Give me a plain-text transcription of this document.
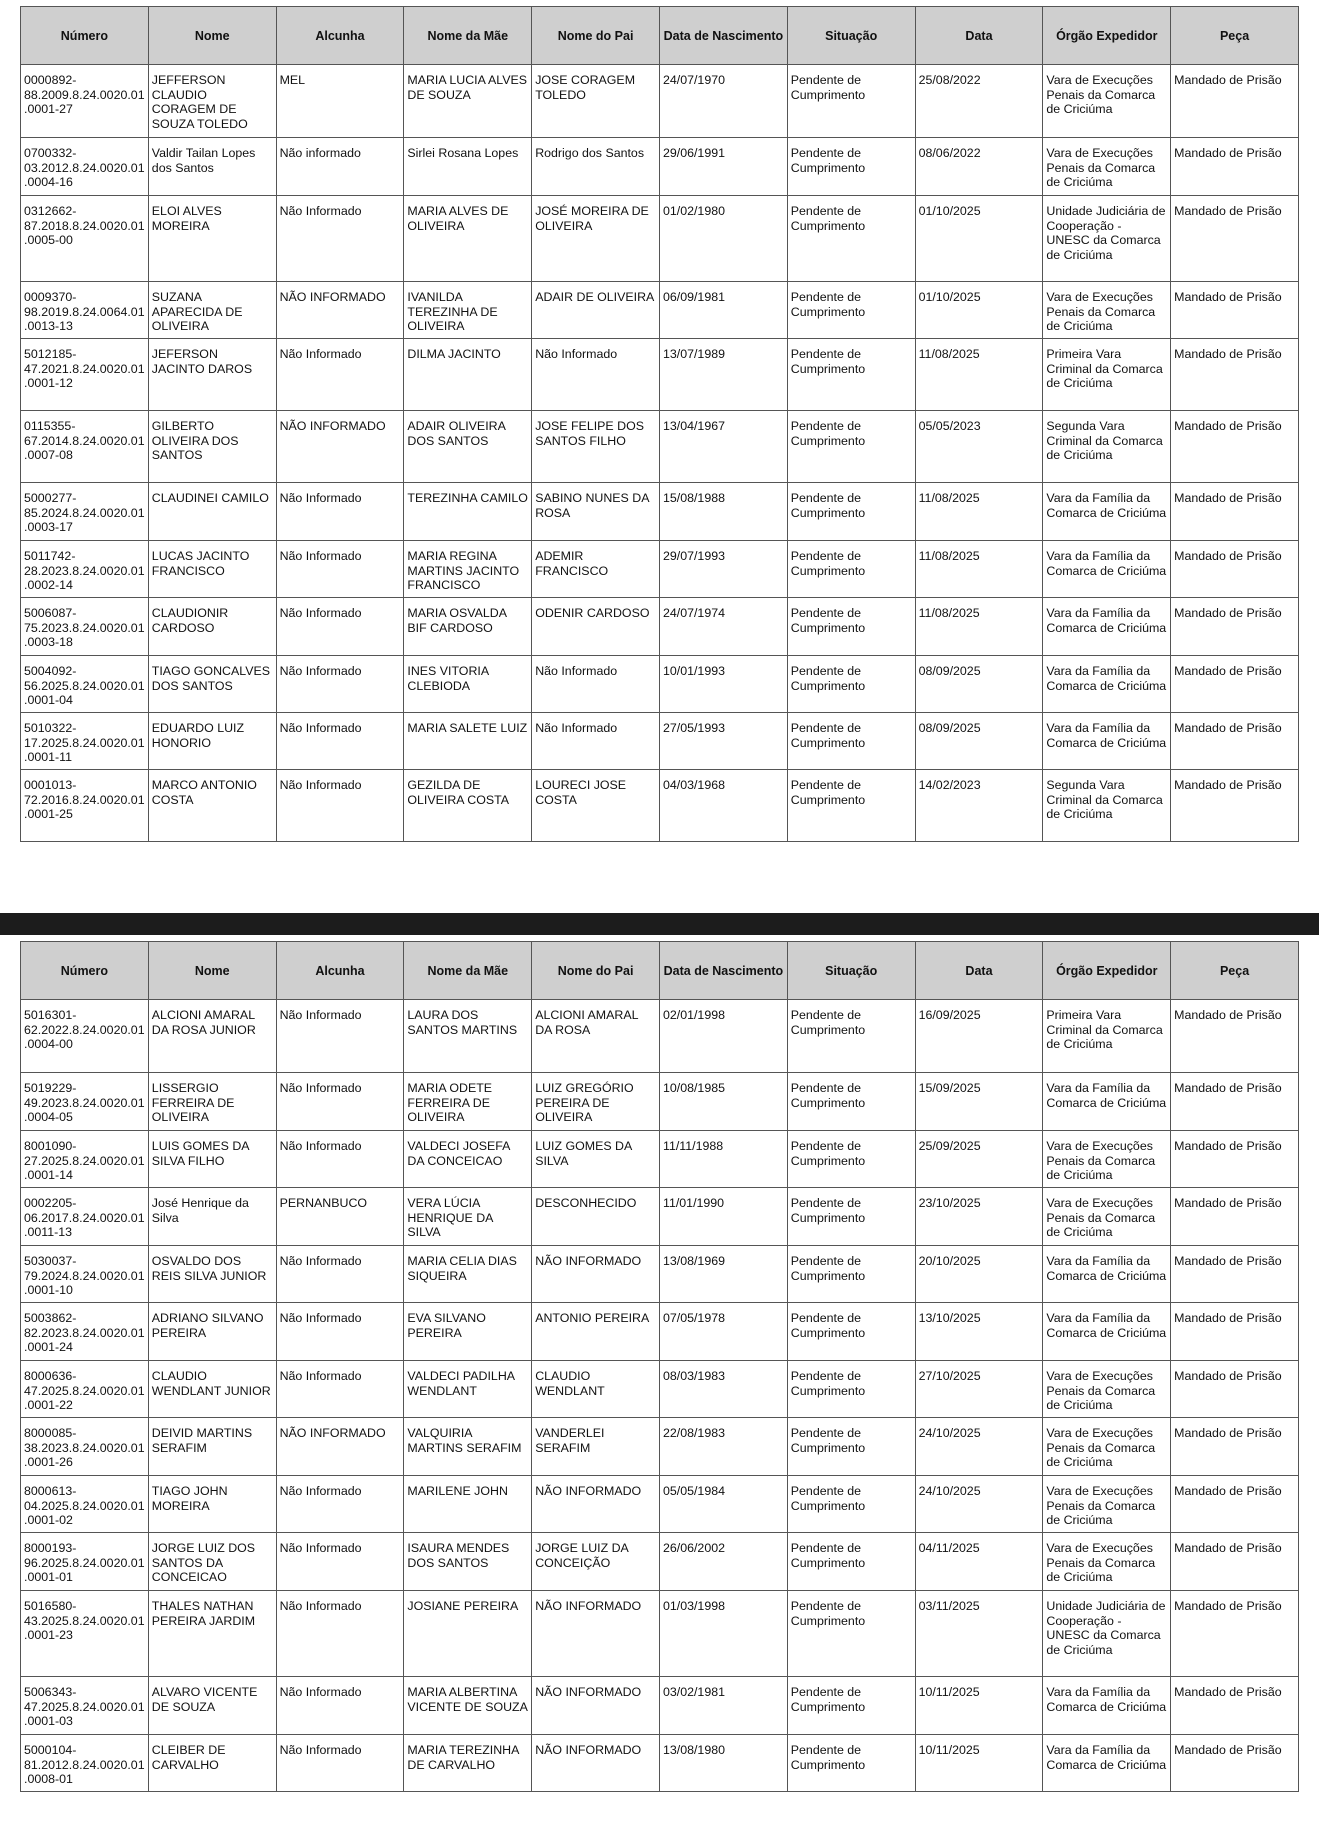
Número	Nome	Alcunha	Nome da Mãe	Nome do Pai	Data de Nascimento	Situação	Data	Órgão Expedidor	Peça
0000892-88.2009.8.24.0020.01.0001-27	JEFFERSON CLAUDIO CORAGEM DE SOUZA TOLEDO	MEL	MARIA LUCIA ALVES DE SOUZA	JOSE CORAGEM TOLEDO	24/07/1970	Pendente de Cumprimento	25/08/2022	Vara de Execuções Penais da Comarca de Criciúma	Mandado de Prisão
0700332-03.2012.8.24.0020.01.0004-16	Valdir Tailan Lopes dos Santos	Não informado	Sirlei Rosana Lopes	Rodrigo dos Santos	29/06/1991	Pendente de Cumprimento	08/06/2022	Vara de Execuções Penais da Comarca de Criciúma	Mandado de Prisão
0312662-87.2018.8.24.0020.01.0005-00	ELOI ALVES MOREIRA	Não Informado	MARIA ALVES DE OLIVEIRA	JOSÉ MOREIRA DE OLIVEIRA	01/02/1980	Pendente de Cumprimento	01/10/2025	Unidade Judiciária de Cooperação - UNESC da Comarca de Criciúma	Mandado de Prisão
0009370-98.2019.8.24.0064.01.0013-13	SUZANA APARECIDA DE OLIVEIRA	NÃO INFORMADO	IVANILDA TEREZINHA DE OLIVEIRA	ADAIR DE OLIVEIRA	06/09/1981	Pendente de Cumprimento	01/10/2025	Vara de Execuções Penais da Comarca de Criciúma	Mandado de Prisão
5012185-47.2021.8.24.0020.01.0001-12	JEFERSON JACINTO DAROS	Não Informado	DILMA JACINTO	Não Informado	13/07/1989	Pendente de Cumprimento	11/08/2025	Primeira Vara Criminal da Comarca de Criciúma	Mandado de Prisão
0115355-67.2014.8.24.0020.01.0007-08	GILBERTO OLIVEIRA DOS SANTOS	NÃO INFORMADO	ADAIR OLIVEIRA DOS SANTOS	JOSE FELIPE DOS SANTOS FILHO	13/04/1967	Pendente de Cumprimento	05/05/2023	Segunda Vara Criminal da Comarca de Criciúma	Mandado de Prisão
5000277-85.2024.8.24.0020.01.0003-17	CLAUDINEI CAMILO	Não Informado	TEREZINHA CAMILO	SABINO NUNES DA ROSA	15/08/1988	Pendente de Cumprimento	11/08/2025	Vara da Família da Comarca de Criciúma	Mandado de Prisão
5011742-28.2023.8.24.0020.01.0002-14	LUCAS JACINTO FRANCISCO	Não Informado	MARIA REGINA MARTINS JACINTO FRANCISCO	ADEMIR FRANCISCO	29/07/1993	Pendente de Cumprimento	11/08/2025	Vara da Família da Comarca de Criciúma	Mandado de Prisão
5006087-75.2023.8.24.0020.01.0003-18	CLAUDIONIR CARDOSO	Não Informado	MARIA OSVALDA BIF CARDOSO	ODENIR CARDOSO	24/07/1974	Pendente de Cumprimento	11/08/2025	Vara da Família da Comarca de Criciúma	Mandado de Prisão
5004092-56.2025.8.24.0020.01.0001-04	TIAGO GONCALVES DOS SANTOS	Não Informado	INES VITORIA CLEBIODA	Não Informado	10/01/1993	Pendente de Cumprimento	08/09/2025	Vara da Família da Comarca de Criciúma	Mandado de Prisão
5010322-17.2025.8.24.0020.01.0001-11	EDUARDO LUIZ HONORIO	Não Informado	MARIA SALETE LUIZ	Não Informado	27/05/1993	Pendente de Cumprimento	08/09/2025	Vara da Família da Comarca de Criciúma	Mandado de Prisão
0001013-72.2016.8.24.0020.01.0001-25	MARCO ANTONIO COSTA	Não Informado	GEZILDA DE OLIVEIRA COSTA	LOURECI JOSE COSTA	04/03/1968	Pendente de Cumprimento	14/02/2023	Segunda Vara Criminal da Comarca de Criciúma	Mandado de Prisão
Número	Nome	Alcunha	Nome da Mãe	Nome do Pai	Data de Nascimento	Situação	Data	Órgão Expedidor	Peça
5016301-62.2022.8.24.0020.01.0004-00	ALCIONI AMARAL DA ROSA JUNIOR	Não Informado	LAURA DOS SANTOS MARTINS	ALCIONI AMARAL DA ROSA	02/01/1998	Pendente de Cumprimento	16/09/2025	Primeira Vara Criminal da Comarca de Criciúma	Mandado de Prisão
5019229-49.2023.8.24.0020.01.0004-05	LISSERGIO FERREIRA DE OLIVEIRA	Não Informado	MARIA ODETE FERREIRA DE OLIVEIRA	LUIZ GREGÓRIO PEREIRA DE OLIVEIRA	10/08/1985	Pendente de Cumprimento	15/09/2025	Vara da Família da Comarca de Criciúma	Mandado de Prisão
8001090-27.2025.8.24.0020.01.0001-14	LUIS GOMES DA SILVA FILHO	Não Informado	VALDECI JOSEFA DA CONCEICAO	LUIZ GOMES DA SILVA	11/11/1988	Pendente de Cumprimento	25/09/2025	Vara de Execuções Penais da Comarca de Criciúma	Mandado de Prisão
0002205-06.2017.8.24.0020.01.0011-13	José Henrique da Silva	PERNANBUCO	VERA LÚCIA HENRIQUE DA SILVA	DESCONHECIDO	11/01/1990	Pendente de Cumprimento	23/10/2025	Vara de Execuções Penais da Comarca de Criciúma	Mandado de Prisão
5030037-79.2024.8.24.0020.01.0001-10	OSVALDO DOS REIS SILVA JUNIOR	Não Informado	MARIA CELIA DIAS SIQUEIRA	NÃO INFORMADO	13/08/1969	Pendente de Cumprimento	20/10/2025	Vara da Família da Comarca de Criciúma	Mandado de Prisão
5003862-82.2023.8.24.0020.01.0001-24	ADRIANO SILVANO PEREIRA	Não Informado	EVA SILVANO PEREIRA	ANTONIO PEREIRA	07/05/1978	Pendente de Cumprimento	13/10/2025	Vara da Família da Comarca de Criciúma	Mandado de Prisão
8000636-47.2025.8.24.0020.01.0001-22	CLAUDIO WENDLANT JUNIOR	Não Informado	VALDECI PADILHA WENDLANT	CLAUDIO WENDLANT	08/03/1983	Pendente de Cumprimento	27/10/2025	Vara de Execuções Penais da Comarca de Criciúma	Mandado de Prisão
8000085-38.2023.8.24.0020.01.0001-26	DEIVID MARTINS SERAFIM	NÃO INFORMADO	VALQUIRIA MARTINS SERAFIM	VANDERLEI SERAFIM	22/08/1983	Pendente de Cumprimento	24/10/2025	Vara de Execuções Penais da Comarca de Criciúma	Mandado de Prisão
8000613-04.2025.8.24.0020.01.0001-02	TIAGO JOHN MOREIRA	Não Informado	MARILENE JOHN	NÃO INFORMADO	05/05/1984	Pendente de Cumprimento	24/10/2025	Vara de Execuções Penais da Comarca de Criciúma	Mandado de Prisão
8000193-96.2025.8.24.0020.01.0001-01	JORGE LUIZ DOS SANTOS DA CONCEICAO	Não Informado	ISAURA MENDES DOS SANTOS	JORGE LUIZ DA CONCEIÇÃO	26/06/2002	Pendente de Cumprimento	04/11/2025	Vara de Execuções Penais da Comarca de Criciúma	Mandado de Prisão
5016580-43.2025.8.24.0020.01.0001-23	THALES NATHAN PEREIRA JARDIM	Não Informado	JOSIANE PEREIRA	NÃO INFORMADO	01/03/1998	Pendente de Cumprimento	03/11/2025	Unidade Judiciária de Cooperação - UNESC da Comarca de Criciúma	Mandado de Prisão
5006343-47.2025.8.24.0020.01.0001-03	ALVARO VICENTE DE SOUZA	Não Informado	MARIA ALBERTINA VICENTE DE SOUZA	NÃO INFORMADO	03/02/1981	Pendente de Cumprimento	10/11/2025	Vara da Família da Comarca de Criciúma	Mandado de Prisão
5000104-81.2012.8.24.0020.01.0008-01	CLEIBER DE CARVALHO	Não Informado	MARIA TEREZINHA DE CARVALHO	NÃO INFORMADO	13/08/1980	Pendente de Cumprimento	10/11/2025	Vara da Família da Comarca de Criciúma	Mandado de Prisão
